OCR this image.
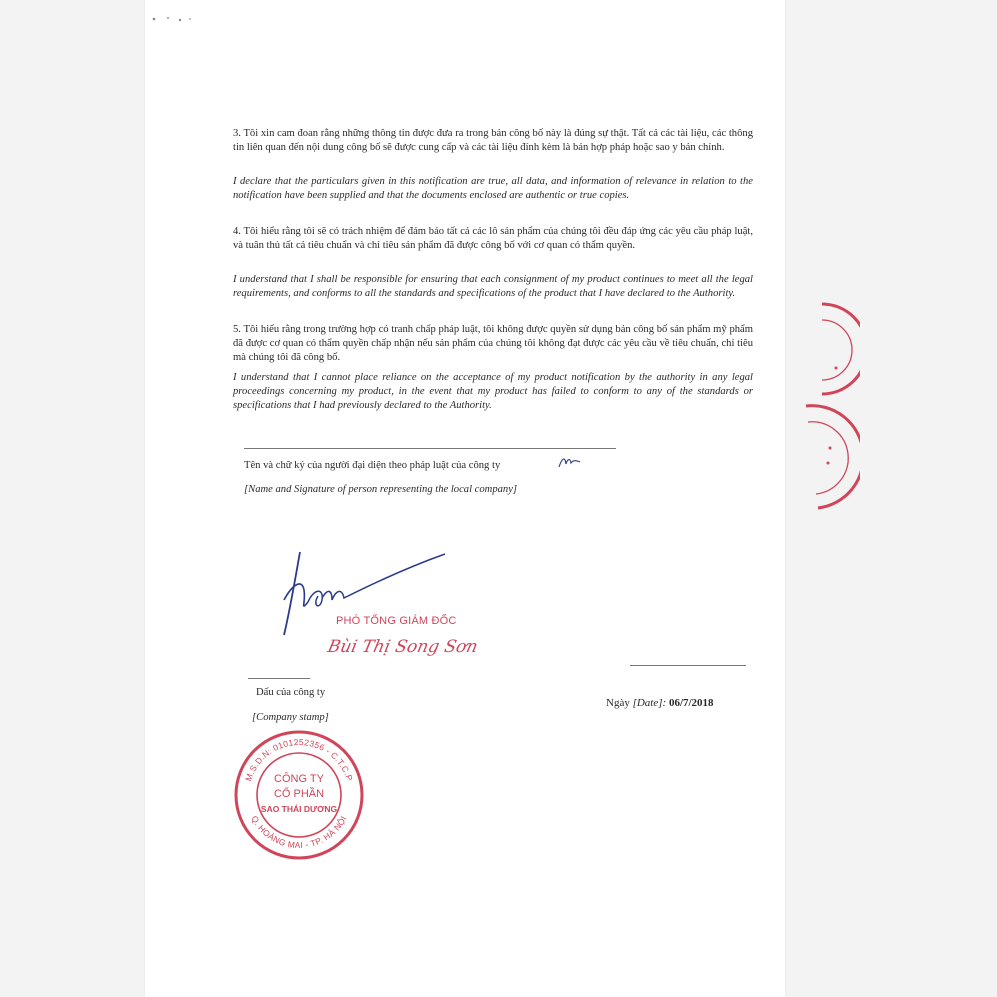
3. Tôi xin cam đoan rằng những thông tin được đưa ra trong bản công bố này là đúng sự thật. Tất cả các tài liệu, các thông tin liên quan đến nội dung công bố sẽ được cung cấp và các tài liệu đính kèm là bản hợp pháp hoặc sao y bản chính.
I declare that the particulars given in this notification are true, all data, and information of relevance in relation to the notification have been supplied and that the documents enclosed are authentic or true copies.
4. Tôi hiểu rằng tôi sẽ có trách nhiệm để đảm bảo tất cả các lô sản phẩm của chúng tôi đều đáp ứng các yêu cầu pháp luật, và tuân thủ tất cả tiêu chuẩn và chỉ tiêu sản phẩm đã được công bố với cơ quan có thẩm quyền.
I understand that I shall be responsible for ensuring that each consignment of my product continues to meet all the legal requirements, and conforms to all the standards and specifications of the product that I have declared to the Authority.
5. Tôi hiểu rằng trong trường hợp có tranh chấp pháp luật, tôi không được quyền sử dụng bản công bố sản phẩm mỹ phẩm đã được cơ quan có thẩm quyền chấp nhận nếu sản phẩm của chúng tôi không đạt được các yêu cầu về tiêu chuẩn, chỉ tiêu mà chúng tôi đã công bố.
I understand that I cannot place reliance on the acceptance of my product notification by the authority in any legal proceedings concerning my product, in the event that my product has failed to conform to any of the standards or specifications that I had previously declared to the Authority.
Tên và chữ ký của người đại diện theo pháp luật của công ty
[Name and Signature of person representing the local company]
PHÓ TỔNG GIÁM ĐỐC
Bùi Thị Song Sơn
Dấu của công ty
[Company stamp]
Ngày [Date]: 06/7/2018
M.S.D.N: 0101252356 - C.T.C.P
Q. HOÀNG MAI - TP. HÀ NỘI
CÔNG TY
CỔ PHẦN
SAO THÁI DƯƠNG
